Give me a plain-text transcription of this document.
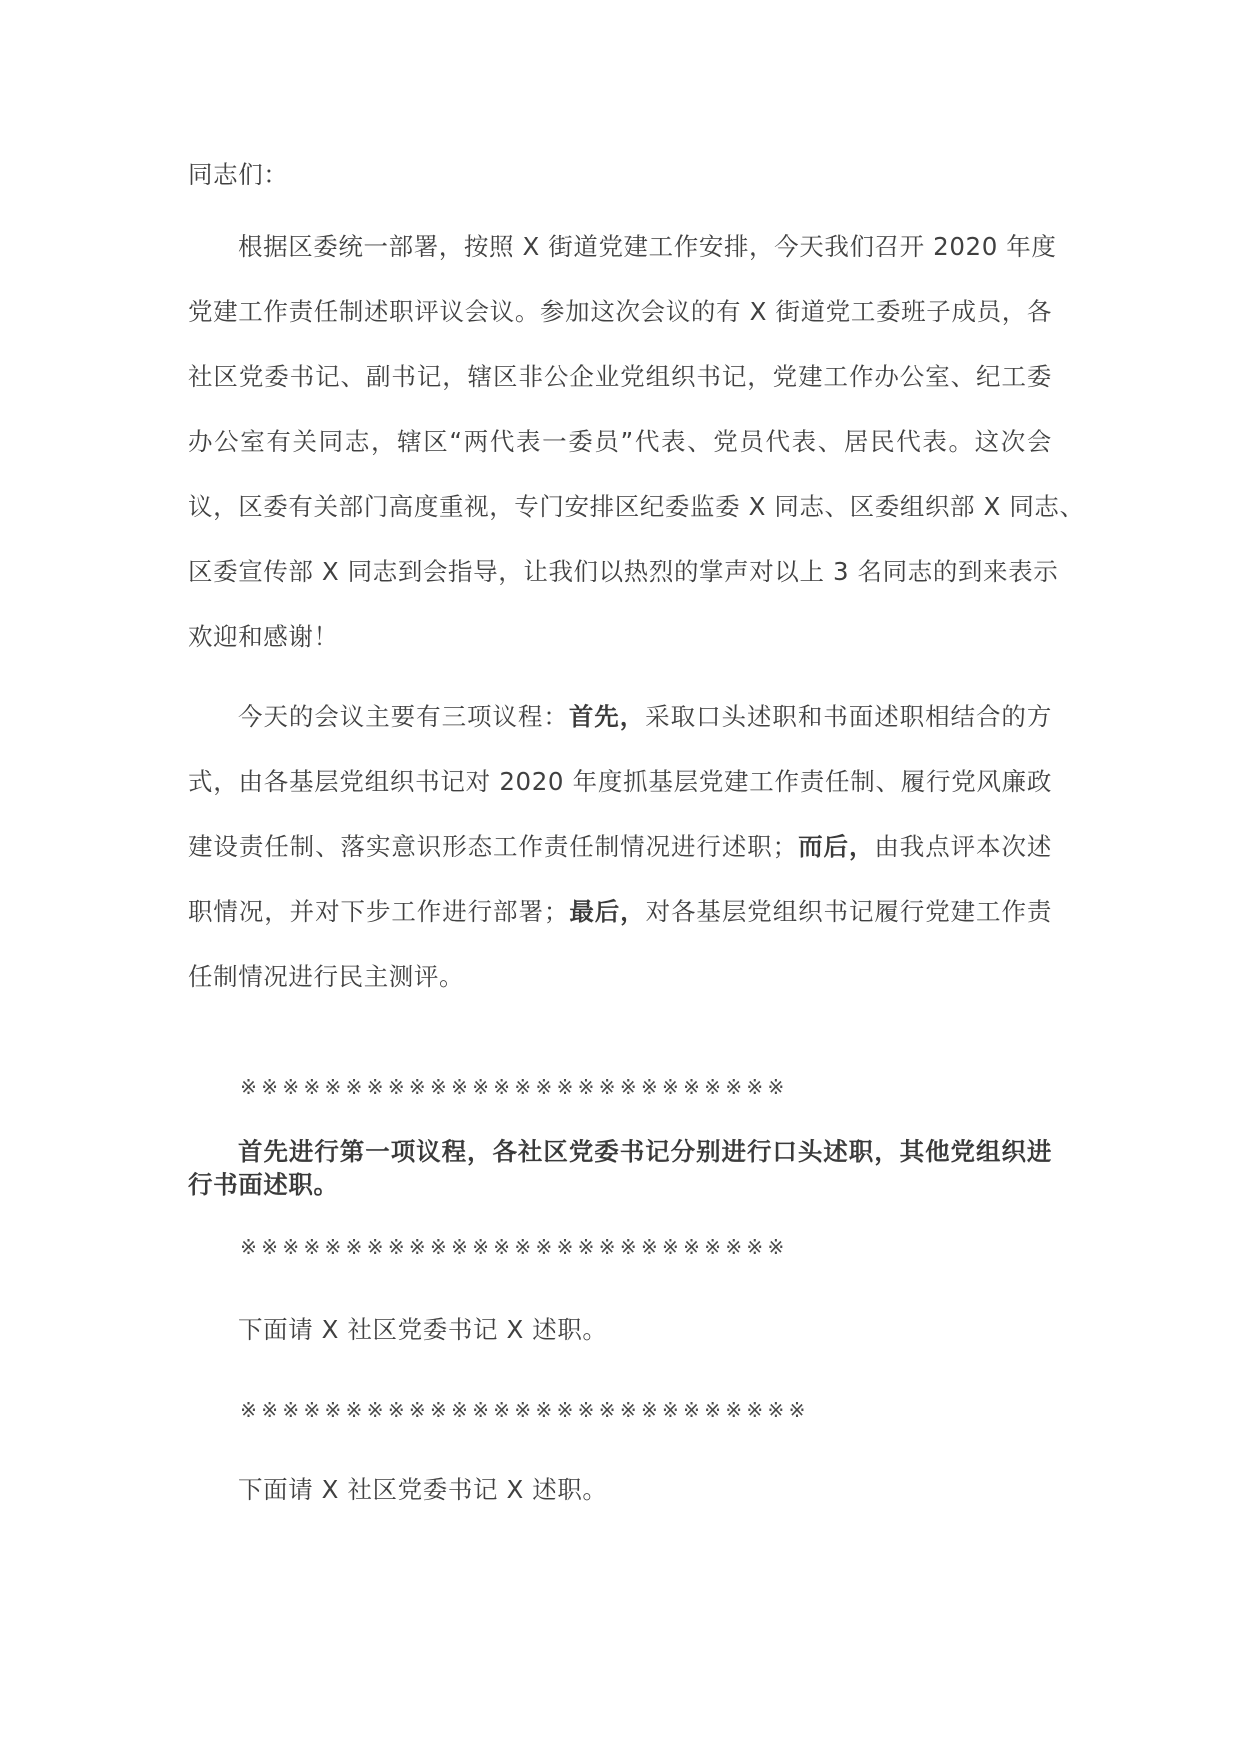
同志们：
根据区委统一部署，按照 X 街道党建工作安排，今天我们召开 2020 年度
党建工作责任制述职评议会议。参加这次会议的有 X 街道党工委班子成员，各
社区党委书记、副书记，辖区非公企业党组织书记，党建工作办公室、纪工委
办公室有关同志，辖区“两代表一委员”代表、党员代表、居民代表。这次会
议，区委有关部门高度重视，专门安排区纪委监委 X 同志、区委组织部 X 同志、
区委宣传部 X 同志到会指导，让我们以热烈的掌声对以上 3 名同志的到来表示
欢迎和感谢！
今天的会议主要有三项议程：首先，采取口头述职和书面述职相结合的方
式，由各基层党组织书记对 2020 年度抓基层党建工作责任制、履行党风廉政
建设责任制、落实意识形态工作责任制情况进行述职；而后，由我点评本次述
职情况，并对下步工作进行部署；最后，对各基层党组织书记履行党建工作责
任制情况进行民主测评。
※ ※ ※ ※ ※ ※ ※ ※ ※ ※ ※ ※ ※ ※ ※ ※ ※ ※ ※ ※ ※ ※ ※ ※ ※ ※
首先进行第一项议程，各社区党委书记分别进行口头述职，其他党组织进
行书面述职。
※ ※ ※ ※ ※ ※ ※ ※ ※ ※ ※ ※ ※ ※ ※ ※ ※ ※ ※ ※ ※ ※ ※ ※ ※ ※
下面请 X 社区党委书记 X 述职。
※ ※ ※ ※ ※ ※ ※ ※ ※ ※ ※ ※ ※ ※ ※ ※ ※ ※ ※ ※ ※ ※ ※ ※ ※ ※ ※
下面请 X 社区党委书记 X 述职。
